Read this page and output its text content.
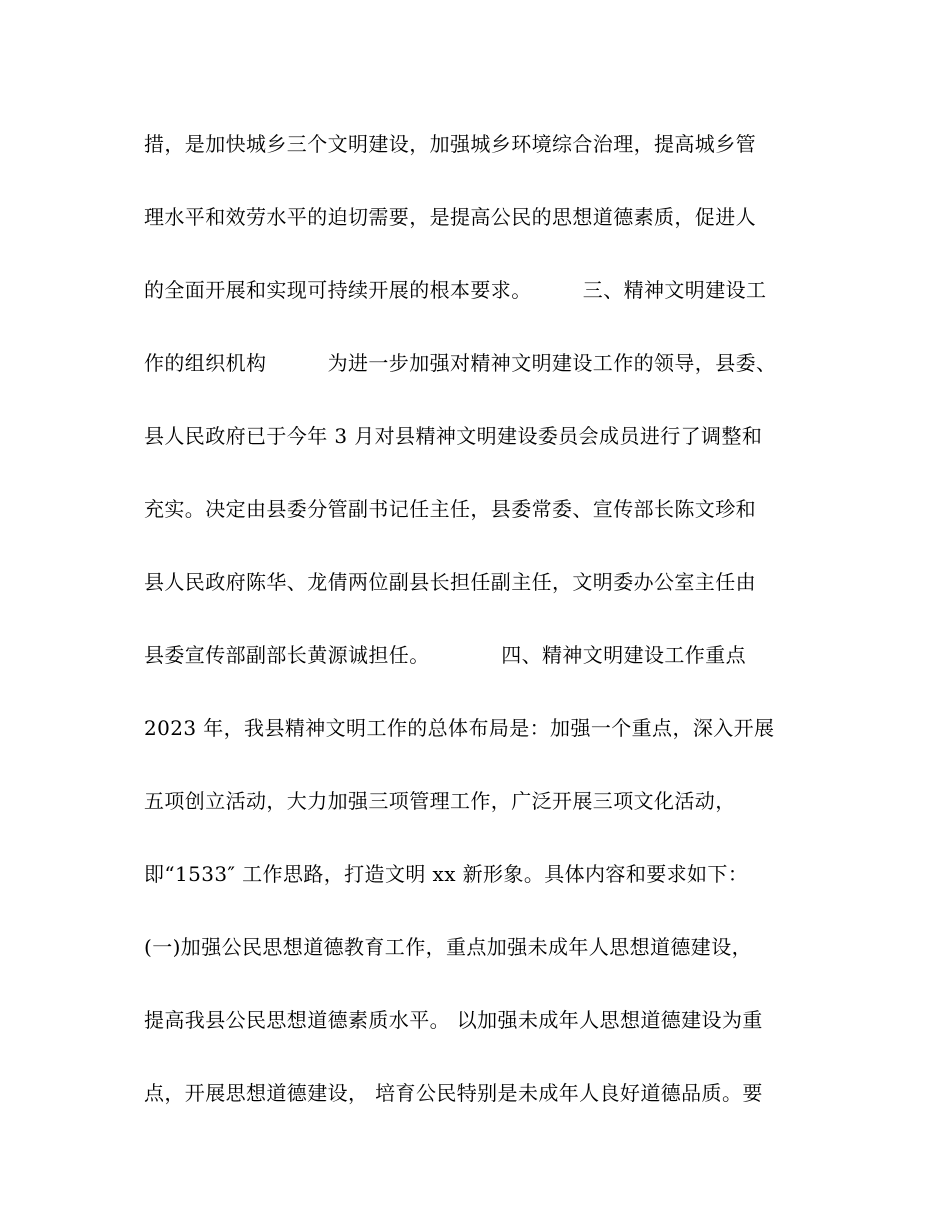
措，是加快城乡三个文明建设，加强城乡环境综合治理，提高城乡管
理水平和效劳水平的迫切需要，是提高公民的思想道德素质，促进人
的全面开展和实现可持续开展的根本要求。　　　三、精神文明建设工
作的组织机构　　　为进一步加强对精神文明建设工作的领导，县委、
县人民政府已于今年 3 月对县精神文明建设委员会成员进行了调整和
充实。决定由县委分管副书记任主任，县委常委、宣传部长陈文珍和
县人民政府陈华、龙倩两位副县长担任副主任，文明委办公室主任由
县委宣传部副部长黄源诚担任。　　　　四、精神文明建设工作重点
2023 年，我县精神文明工作的总体布局是：加强一个重点，深入开展
五项创立活动，大力加强三项管理工作，广泛开展三项文化活动，
即“1533″ 工作思路，打造文明 xx 新形象。具体内容和要求如下：
(一)加强公民思想道德教育工作，重点加强未成年人思想道德建设，
提高我县公民思想道德素质水平。 以加强未成年人思想道德建设为重
点，开展思想道德建设， 培育公民特别是未成年人良好道德品质。要
